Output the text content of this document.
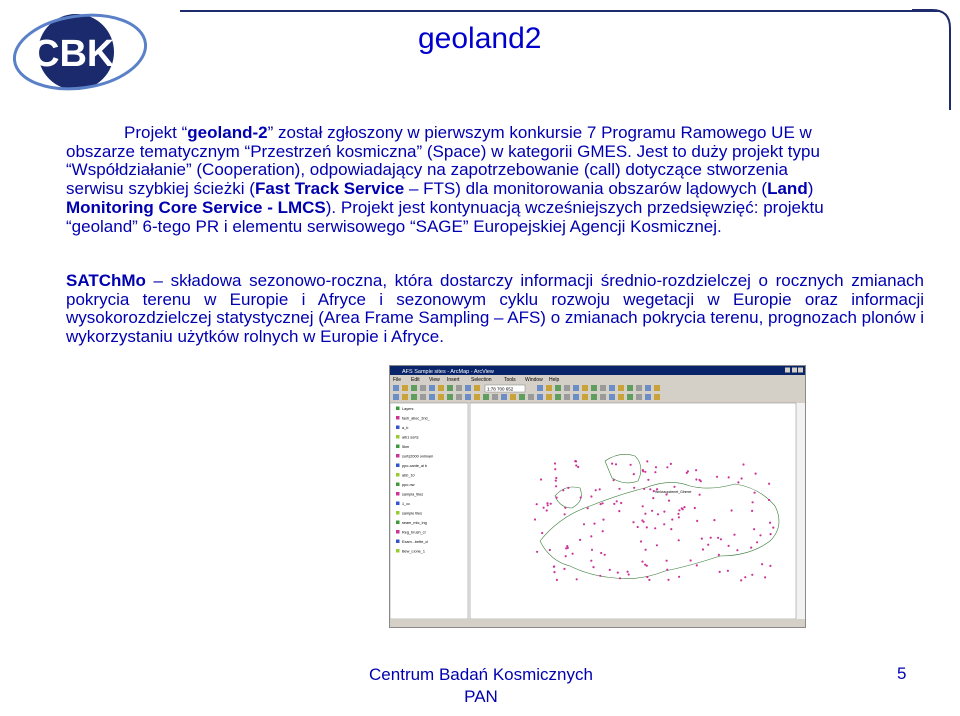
CBK P
A
N
geoland2
Projekt “geoland-2” został zgłoszony w pierwszym konkursie 7 Programu Ramowego UE w
obszarze tematycznym “Przestrzeń kosmiczna” (Space) w kategorii GMES. Jest to duży projekt typu
“Współdziałanie” (Cooperation), odpowiadający na zapotrzebowanie (call) dotyczące stworzenia
serwisu szybkiej ścieżki (Fast Track Service – FTS) dla monitorowania obszarów lądowych (Land)
Monitoring Core Service - LMCS). Projekt jest kontynuacją wcześniejszych przedsięwzięć: projektu
“geoland” 6-tego PR i elementu serwisowego “SAGE” Europejskiej Agencji Kosmicznej.
SATChMo – składowa sezonowo-roczna, która dostarczy informacji średnio-rozdzielczej o rocznych zmianach pokrycia terenu w Europie i Afryce i sezonowym cyklu rozwoju wegetacji w Europie oraz informacji wysokorozdzielczej statystycznej (Area Frame Sampling – AFS) o zmianach pokrycia terenu, prognozach plonów i wykorzystaniu użytków rolnych w Europie i Afryce.
AFS Sample sites - ArcMap - ArcView
File Edit View Insert Selection Tools Window Help
1:78 700 652
Layers
fash_alloc_2nd_
a_b
alb1 sorts
5km
sorts2000 onlmam
ppo-cante_ai b
abb_10
ppo-nw
sampla_tiles
1_cc
sample tiles
seam_mtc_ing
Reg_brush_cl
Exam...bette_cl
Bew_Lione_1
Wnkssopdenet_Glnmer
Centrum Badań Kosmicznych
PAN
5
